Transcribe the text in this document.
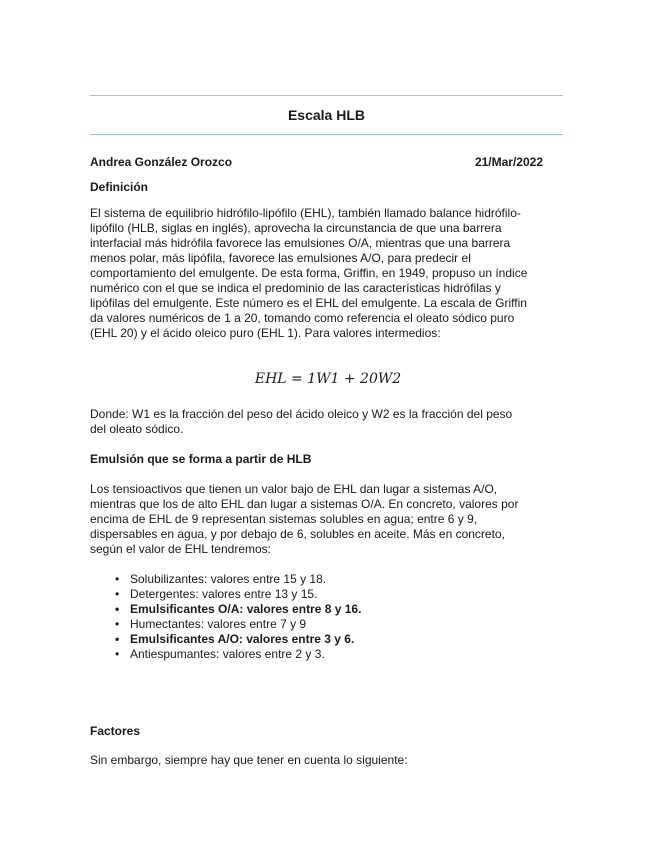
Escala HLB
Andrea González Orozco	21/Mar/2022
Definición

El sistema de equilibrio hidrófilo-lipófilo (EHL), también llamado balance hidrófilo-
lipófilo (HLB, siglas en inglés), aprovecha la circunstancia de que una barrera
interfacial más hidrófila favorece las emulsiones O/A, mientras que una barrera
menos polar, más lipófila, favorece las emulsiones A/O, para predecir el
comportamiento del emulgente. De esta forma, Griffin, en 1949, propuso un índice
numérico con el que se indica el predominio de las características hidrófilas y
lipófilas del emulgente. Este número es el EHL del emulgente. La escala de Griffin
da valores numéricos de 1 a 20, tomando como referencia el oleato sódico puro
(EHL 20) y el ácido oleico puro (EHL 1). Para valores intermedios:

EHL = 1W1 + 20W2

Donde: W1 es la fracción del peso del ácido oleico y W2 es la fracción del peso
del oleato sódico.

Emulsión que se forma a partir de HLB

Los tensioactivos que tienen un valor bajo de EHL dan lugar a sistemas A/O,
mientras que los de alto EHL dan lugar a sistemas O/A. En concreto, valores por
encima de EHL de 9 representan sistemas solubles en agua; entre 6 y 9,
dispersables en agua, y por debajo de 6, solubles en aceite. Más en concreto,
según el valor de EHL tendremos:

• Solubilizantes: valores entre 15 y 18.
• Detergentes: valores entre 13 y 15.
• Emulsificantes O/A: valores entre 8 y 16.
• Humectantes: valores entre 7 y 9
• Emulsificantes A/O: valores entre 3 y 6.
• Antiespumantes: valores entre 2 y 3.
Factores

Sin embargo, siempre hay que tener en cuenta lo siguiente:
